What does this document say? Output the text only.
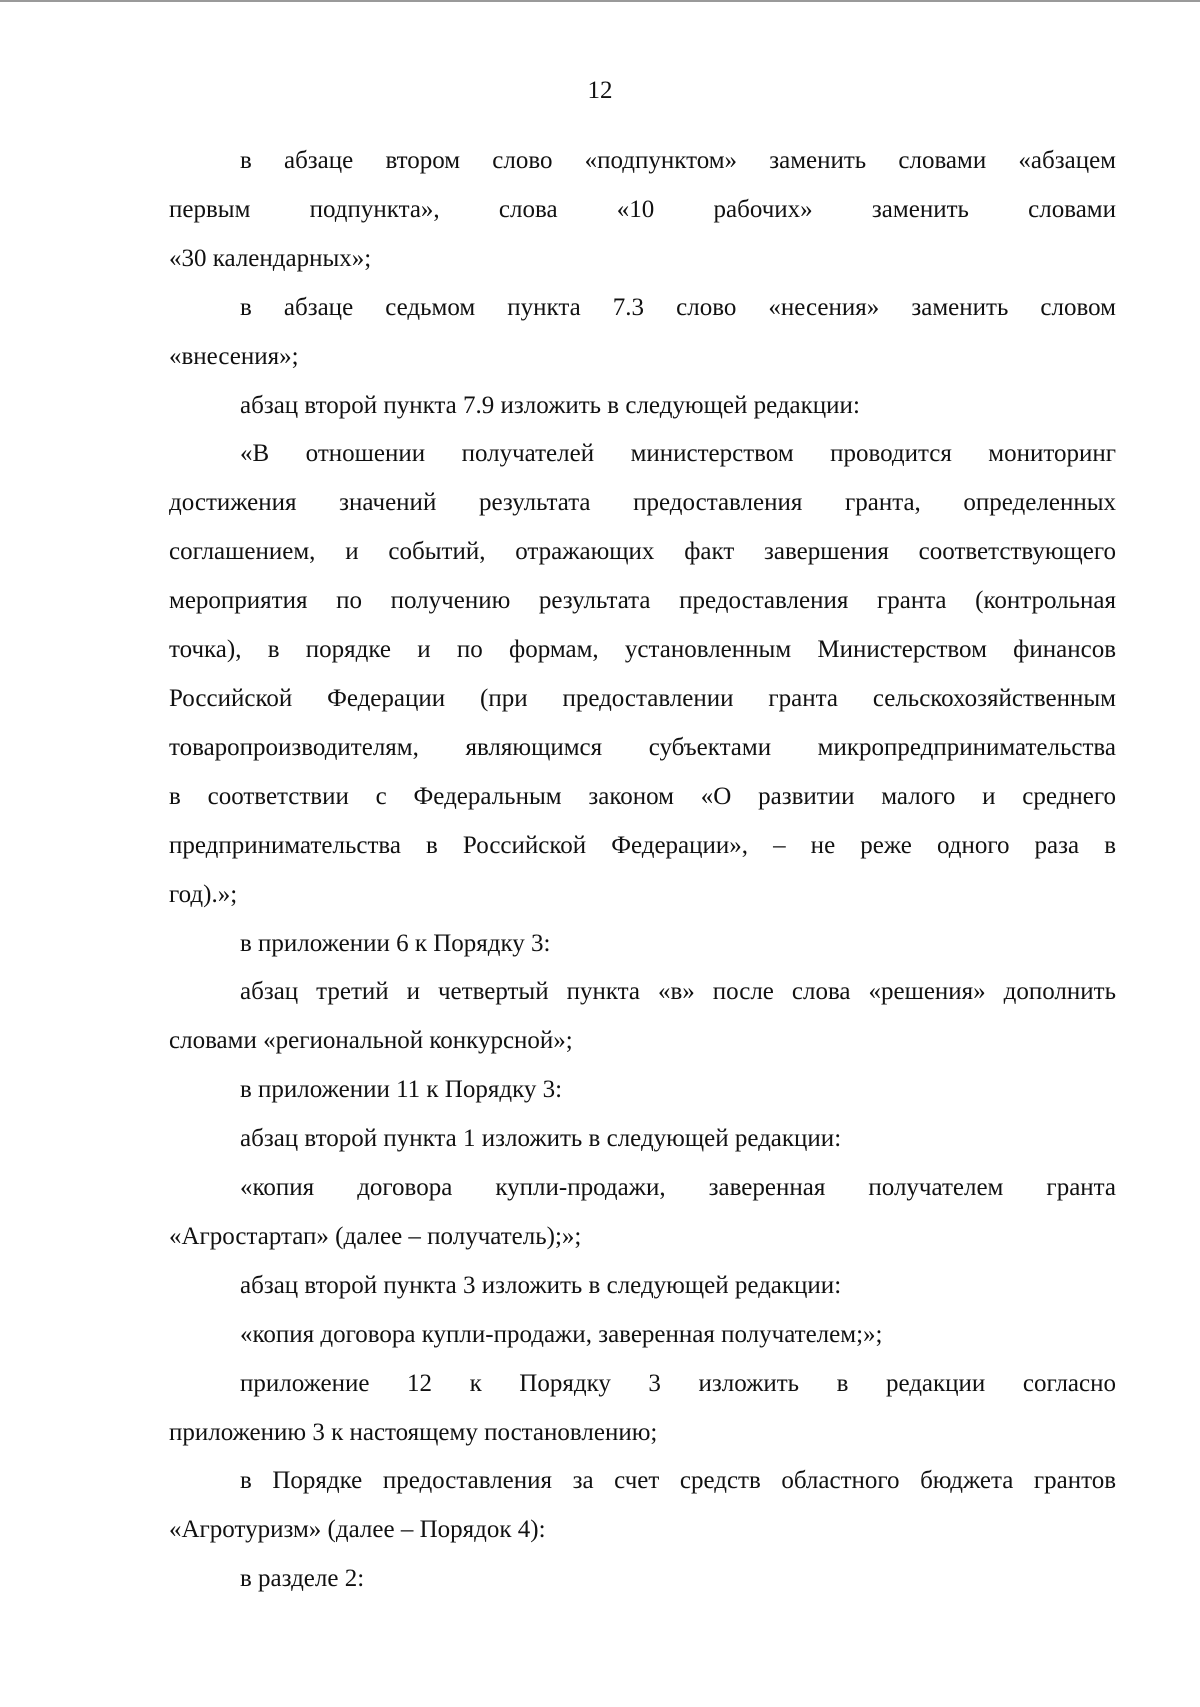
12
в абзаце втором слово «подпунктом» заменить словами «абзацем
первым подпункта», слова «10 рабочих» заменить словами
«30 календарных»;
в абзаце седьмом пункта 7.3 слово «несения» заменить словом
«внесения»;
абзац второй пункта 7.9 изложить в следующей редакции:
«В отношении получателей министерством проводится мониторинг
достижения значений результата предоставления гранта, определенных
соглашением, и событий, отражающих факт завершения соответствующего
мероприятия по получению результата предоставления гранта (контрольная
точка), в порядке и по формам, установленным Министерством финансов
Российской Федерации (при предоставлении гранта сельскохозяйственным
товаропроизводителям, являющимся субъектами микропредпринимательства
в соответствии с Федеральным законом «О развитии малого и среднего
предпринимательства в Российской Федерации», – не реже одного раза в
год).»;
в приложении 6 к Порядку 3:
абзац третий и четвертый пункта «в» после слова «решения» дополнить
словами «региональной конкурсной»;
в приложении 11 к Порядку 3:
абзац второй пункта 1 изложить в следующей редакции:
«копия договора купли-продажи, заверенная получателем гранта
«Агростартап» (далее – получатель);»;
абзац второй пункта 3 изложить в следующей редакции:
«копия договора купли-продажи, заверенная получателем;»;
приложение 12 к Порядку 3 изложить в редакции согласно
приложению 3 к настоящему постановлению;
в Порядке предоставления за счет средств областного бюджета грантов
«Агротуризм» (далее – Порядок 4):
в разделе 2:
